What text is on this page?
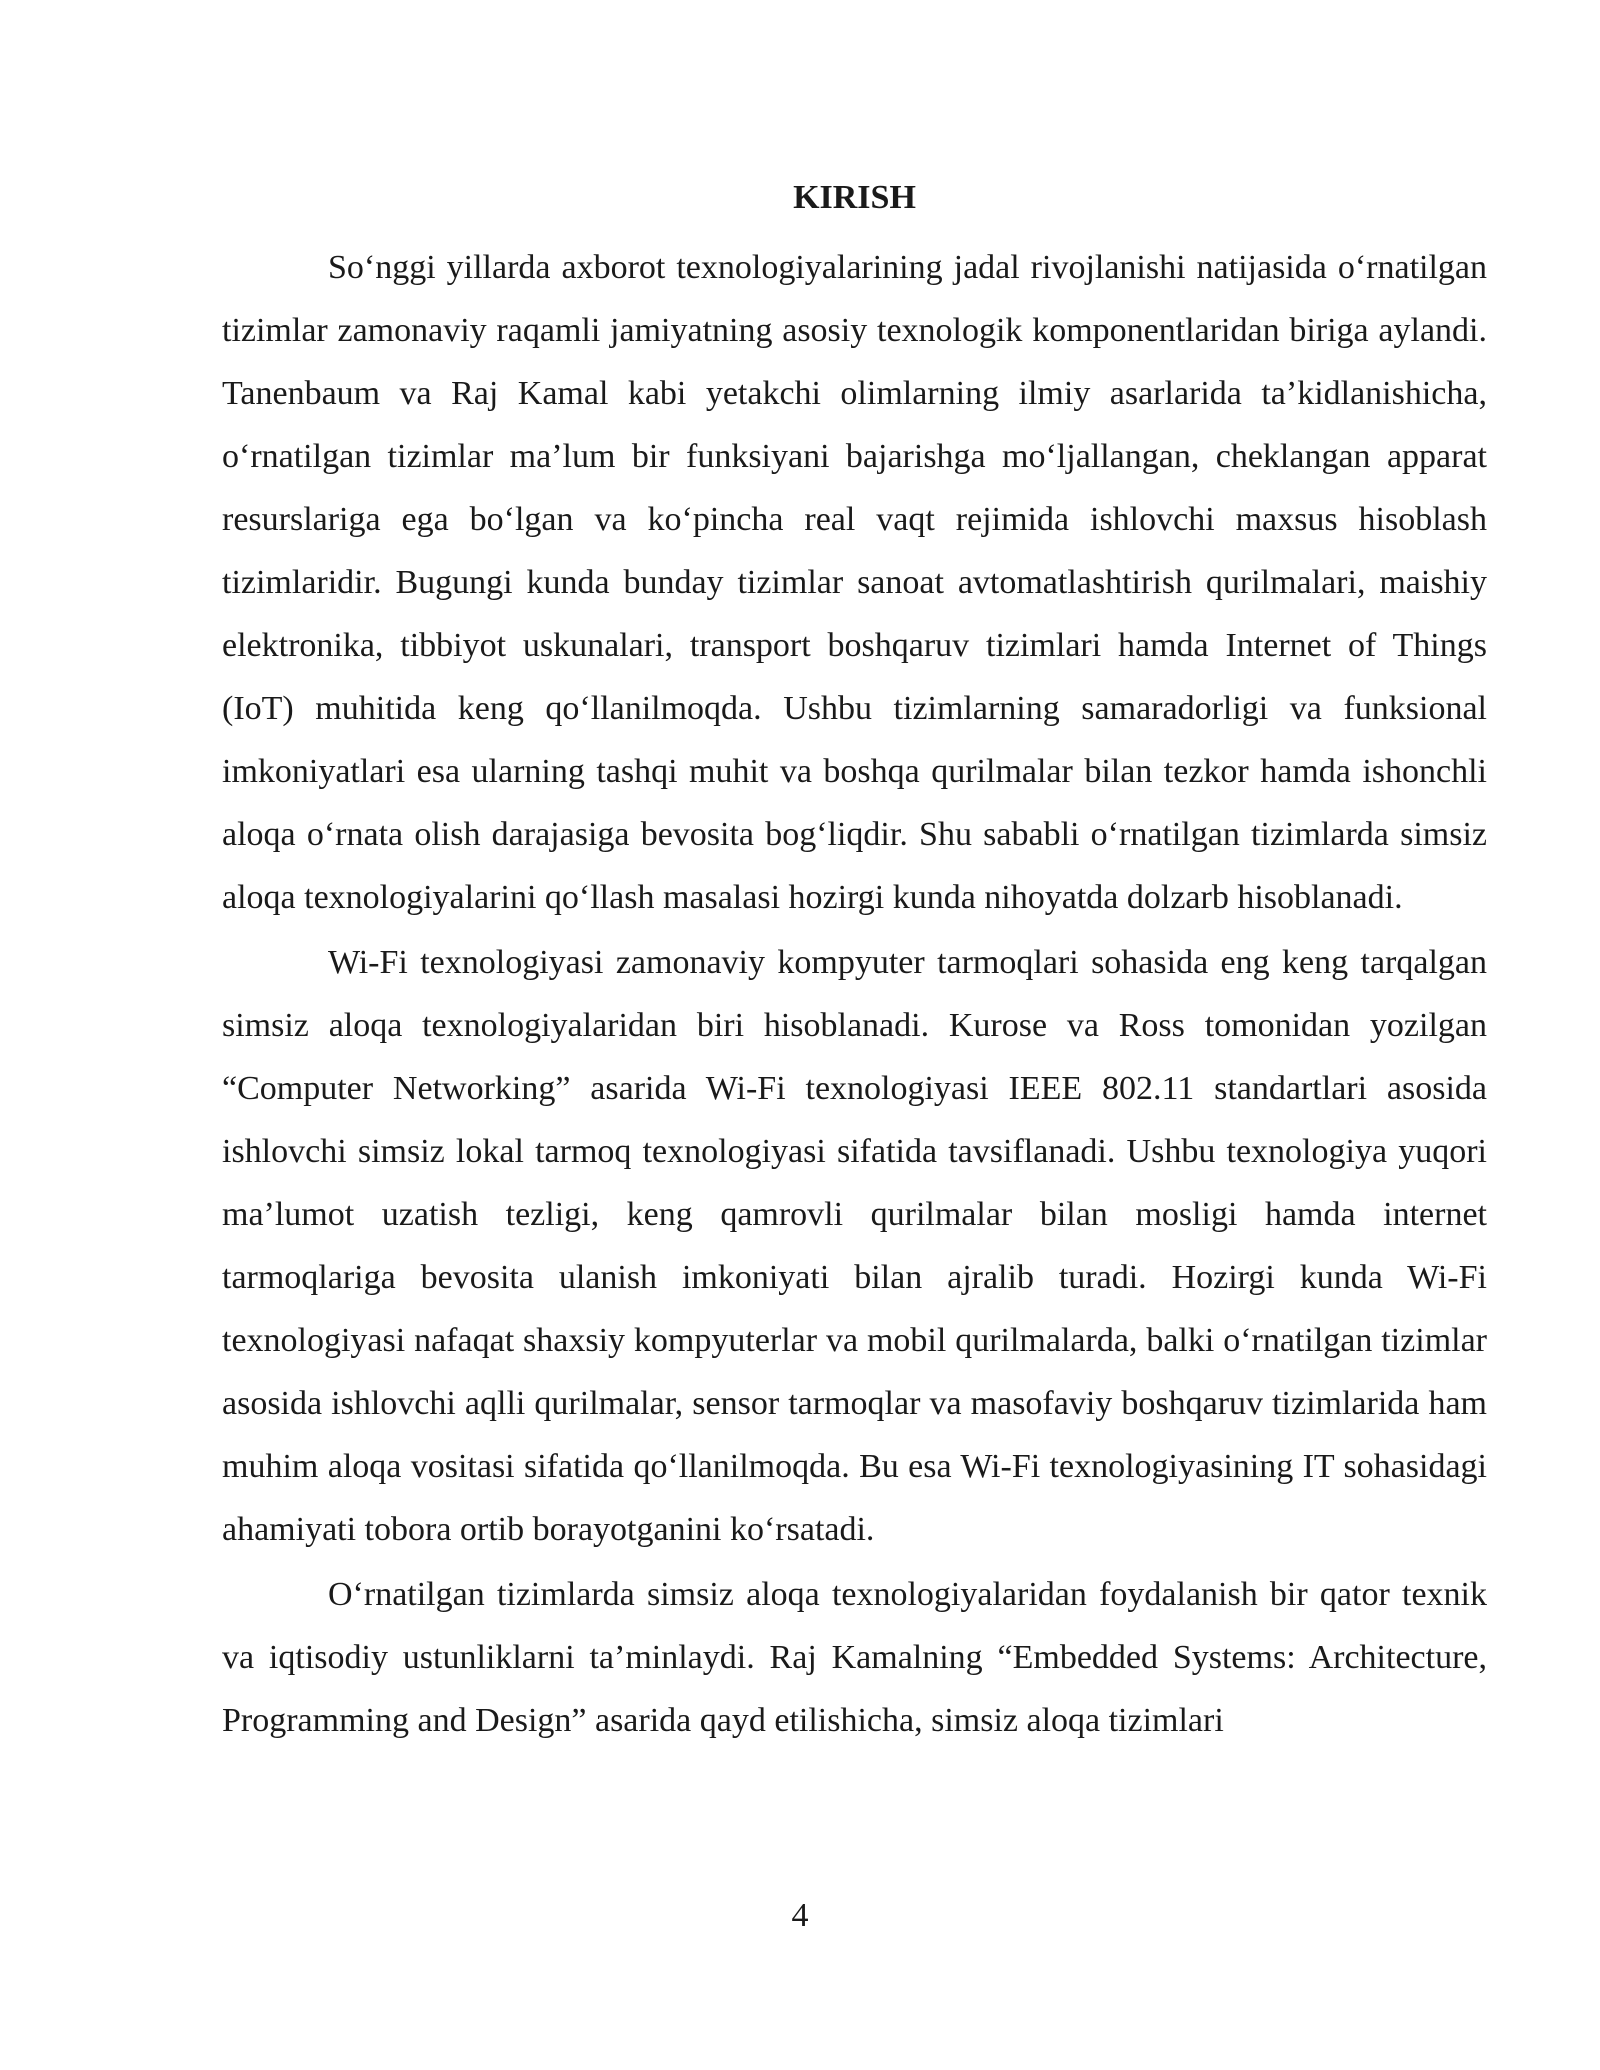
KIRISH

So‘nggi yillarda axborot texnologiyalarining jadal rivojlanishi natijasida o‘rnatilgan tizimlar zamonaviy raqamli jamiyatning asosiy texnologik komponentlaridan biriga aylandi. Tanenbaum va Raj Kamal kabi yetakchi olimlarning ilmiy asarlarida ta’kidlanishicha, o‘rnatilgan tizimlar ma’lum bir funksiyani bajarishga mo‘ljallangan, cheklangan apparat resurslariga ega bo‘lgan va ko‘pincha real vaqt rejimida ishlovchi maxsus hisoblash tizimlaridir. Bugungi kunda bunday tizimlar sanoat avtomatlashtirish qurilmalari, maishiy elektronika, tibbiyot uskunalari, transport boshqaruv tizimlari hamda Internet of Things (IoT) muhitida keng qo‘llanilmoqda. Ushbu tizimlarning samaradorligi va funksional imkoniyatlari esa ularning tashqi muhit va boshqa qurilmalar bilan tezkor hamda ishonchli aloqa o‘rnata olish darajasiga bevosita bog‘liqdir. Shu sababli o‘rnatilgan tizimlarda simsiz aloqa texnologiyalarini qo‘llash masalasi hozirgi kunda nihoyatda dolzarb hisoblanadi.

Wi-Fi texnologiyasi zamonaviy kompyuter tarmoqlari sohasida eng keng tarqalgan simsiz aloqa texnologiyalaridan biri hisoblanadi. Kurose va Ross tomonidan yozilgan “Computer Networking” asarida Wi-Fi texnologiyasi IEEE 802.11 standartlari asosida ishlovchi simsiz lokal tarmoq texnologiyasi sifatida tavsiflanadi. Ushbu texnologiya yuqori ma’lumot uzatish tezligi, keng qamrovli qurilmalar bilan mosligi hamda internet tarmoqlariga bevosita ulanish imkoniyati bilan ajralib turadi. Hozirgi kunda Wi-Fi texnologiyasi nafaqat shaxsiy kompyuterlar va mobil qurilmalarda, balki o‘rnatilgan tizimlar asosida ishlovchi aqlli qurilmalar, sensor tarmoqlar va masofaviy boshqaruv tizimlarida ham muhim aloqa vositasi sifatida qo‘llanilmoqda. Bu esa Wi-Fi texnologiyasining IT sohasidagi ahamiyati tobora ortib borayotganini ko‘rsatadi.

O‘rnatilgan tizimlarda simsiz aloqa texnologiyalaridan foydalanish bir qator texnik va iqtisodiy ustunliklarni ta’minlaydi. Raj Kamalning “Embedded Systems: Architecture, Programming and Design” asarida qayd etilishicha, simsiz aloqa tizimlari

4
